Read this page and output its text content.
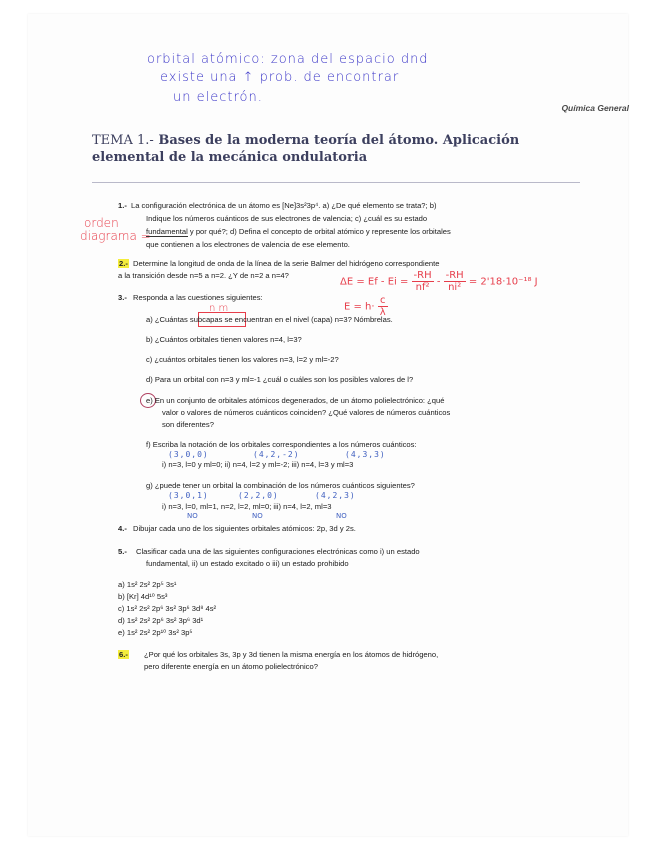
orbital atómico: zona del espacio dnd
existe una ↑ prob. de encontrar
un electrón.
Química General
TEMA 1.- Bases de la moderna teoría del átomo. Aplicación elemental de la mecánica ondulatoria
1.- La configuración electrónica de un átomo es [Ne]3s²3p⁴. a) ¿De qué elemento se trata?; b)
Indique los números cuánticos de sus electrones de valencia; c) ¿cuál es su estado
fundamental y por qué?; d) Defina el concepto de orbital atómico y represente los orbitales
que contienen a los electrones de valencia de ese elemento.
orden
diagrama =
2.- Determine la longitud de onda de la línea de la serie Balmer del hidrógeno correspondiente
a la transición desde n=5 a n=2. ¿Y de n=2 a n=4?
$\Delta E = Ef - Ei = \frac{-RH}{\text{nf²}} - \frac{-RH}{\text{ni²}} = 2'18\cdot 10^{-18}$ J
$E = h\cdot \frac{c}{\lambda}$
3.- Responda a las cuestiones siguientes:
n m
a) ¿Cuántas subcapas se encuentran en el nivel (capa) n=3? Nómbrelas.
b) ¿Cuántos orbitales tienen valores n=4, l=3?
c) ¿cuántos orbitales tienen los valores n=3, l=2 y ml=-2?
d) Para un orbital con n=3 y ml=-1 ¿cuál o cuáles son los posibles valores de l?
e) En un conjunto de orbitales atómicos degenerados, de un átomo polielectrónico: ¿qué
valor o valores de números cuánticos coinciden? ¿Qué valores de números cuánticos
son diferentes?
f) Escriba la notación de los orbitales correspondientes a los números cuánticos:
(3,0,0)	(4,2,-2)	(4,3,3)
i) n=3, l=0 y ml=0; ii) n=4, l=2 y ml=-2; iii) n=4, l=3 y ml=3
g) ¿puede tener un orbital la combinación de los números cuánticos siguientes?
(3,0,1)	(2,2,0)	(4,2,3)
i) n=3, l=0, ml=1, n=2, l=2, ml=0; iii) n=4, l=2, ml=3
NO	NO	NO
4.- Dibujar cada uno de los siguientes orbitales atómicos: 2p, 3d y 2s.
5.- Clasificar cada una de las siguientes configuraciones electrónicas como i) un estado
fundamental, ii) un estado excitado o iii) un estado prohibido
a) 1s² 2s² 2p⁵ 3s¹
b) [Kr] 4d¹⁰ 5s³
c) 1s² 2s² 2p⁶ 3s² 3p⁶ 3d⁸ 4s²
d) 1s² 2s² 2p⁶ 3s² 3p⁶ 3d¹
e) 1s² 2s² 2p¹⁰ 3s² 3p⁵
6.- ¿Por qué los orbitales 3s, 3p y 3d tienen la misma energía en los átomos de hidrógeno,
pero diferente energía en un átomo polielectrónico?
